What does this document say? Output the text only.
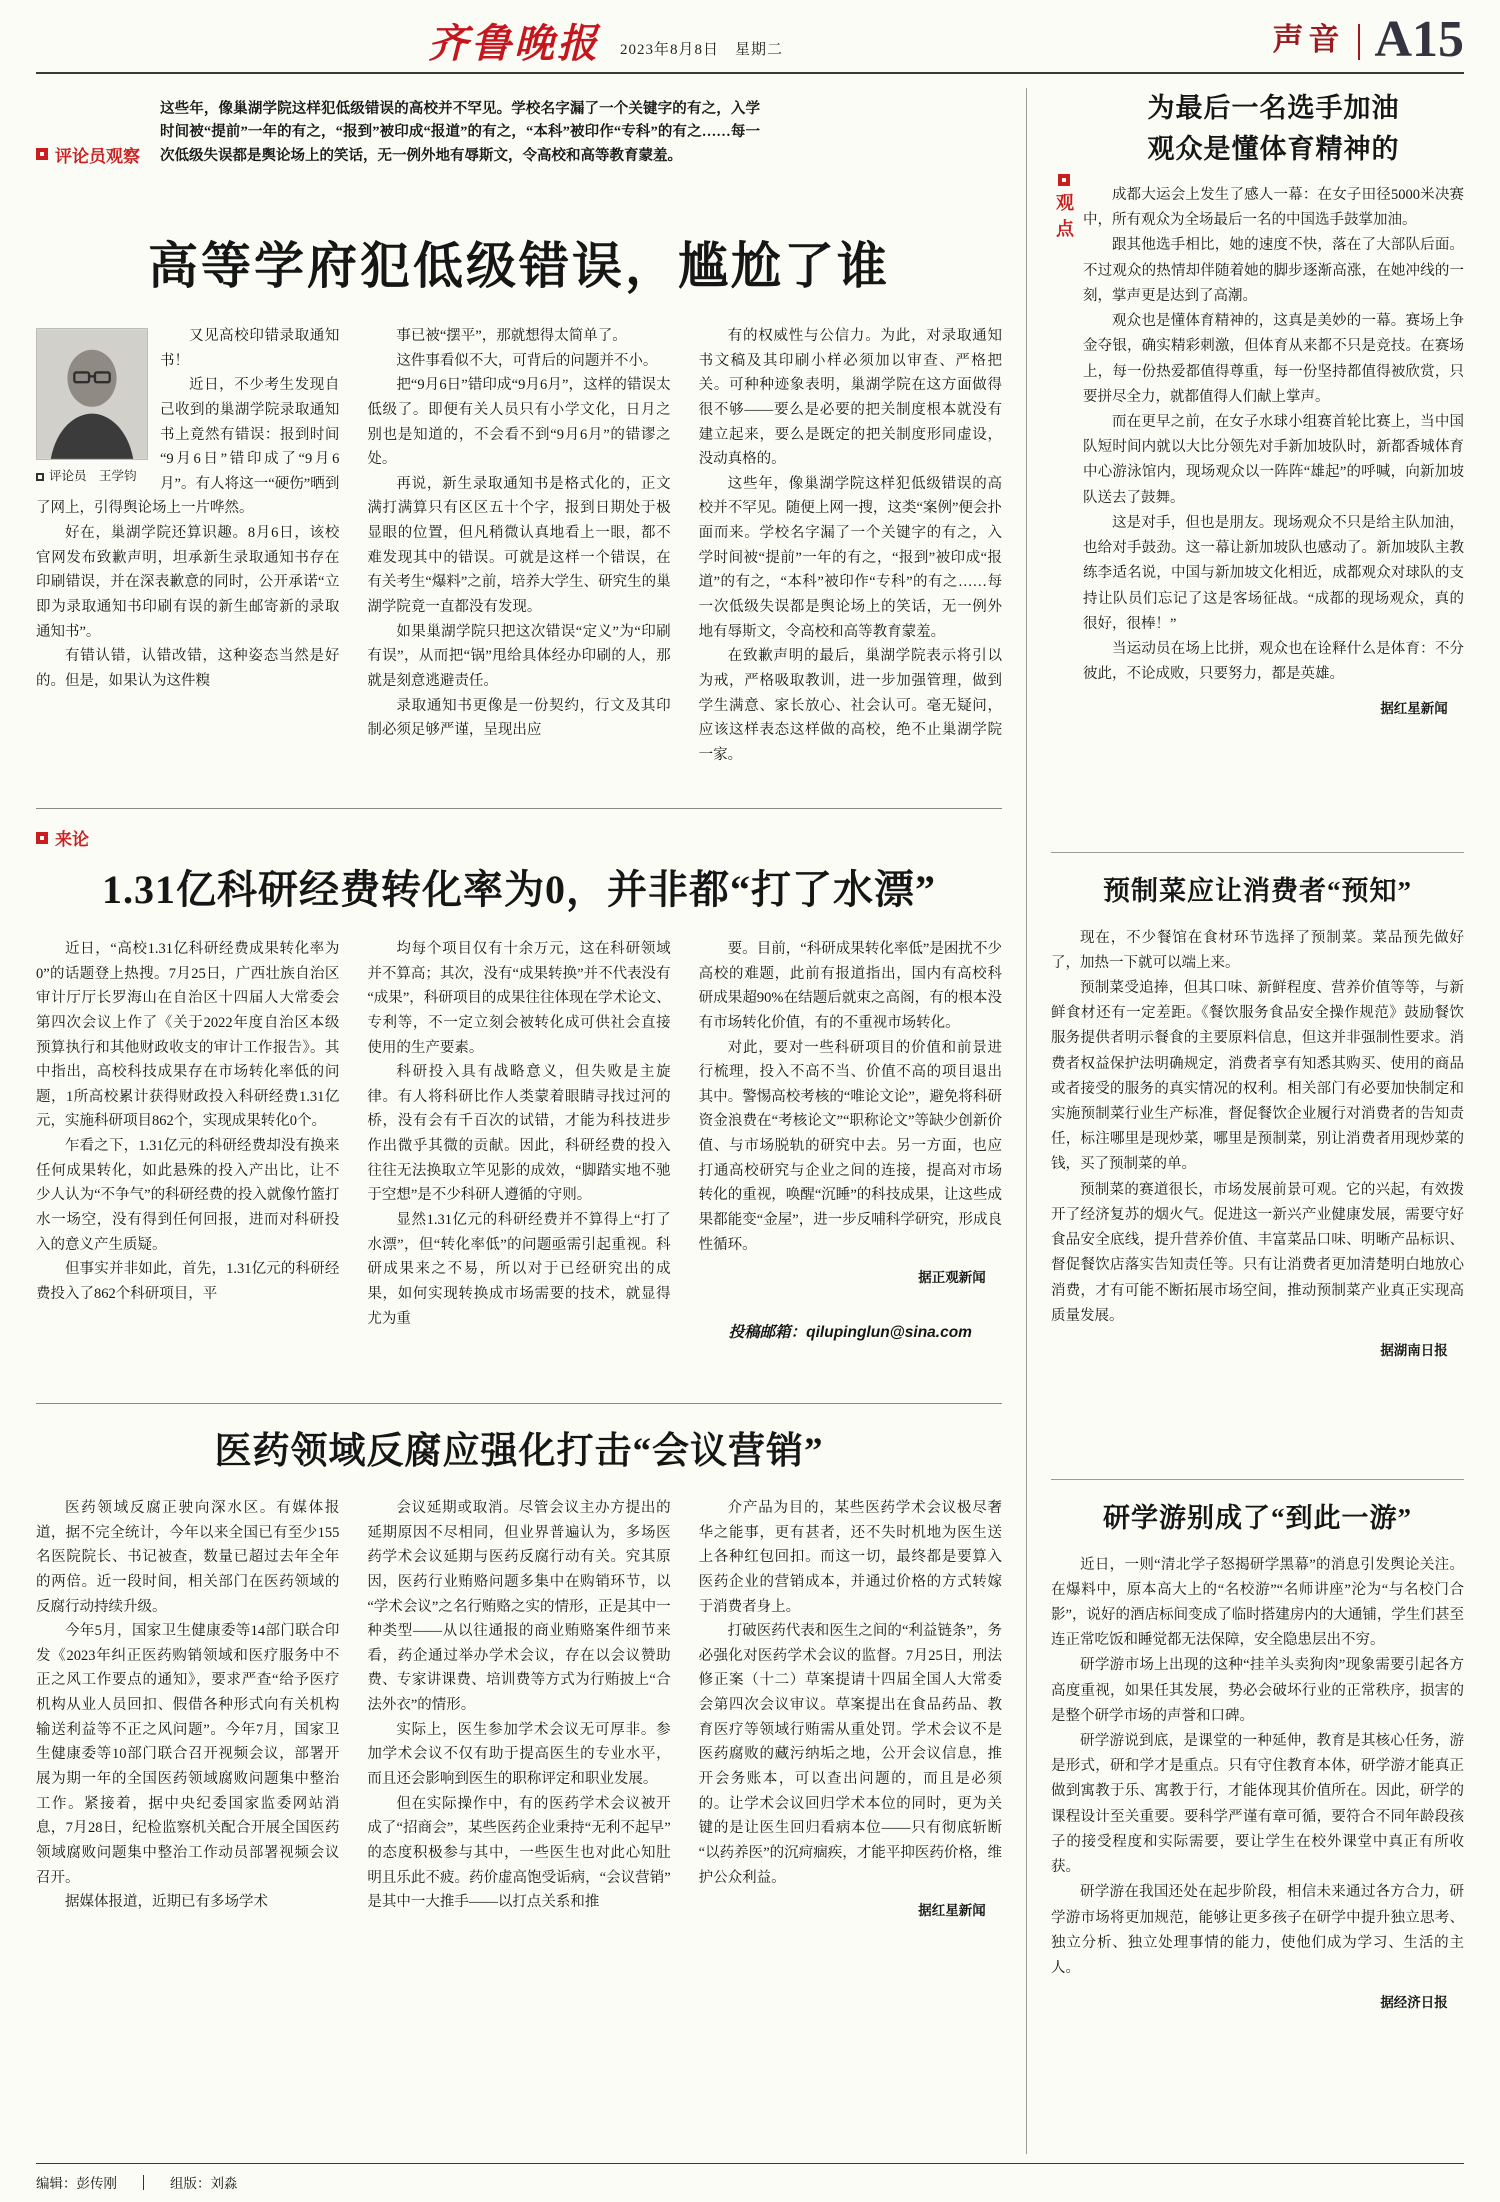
齐鲁晚报 2023年8月8日　星期二	声音 A15
评论员观察
这些年，像巢湖学院这样犯低级错误的高校并不罕见。学校名字漏了一个关键字的有之，入学时间被“提前”一年的有之，“报到”被印成“报道”的有之，“本科”被印作“专科”的有之……每一次低级失误都是舆论场上的笑话，无一例外地有辱斯文，令高校和高等教育蒙羞。
高等学府犯低级错误，尴尬了谁
评论员　王学钧

又见高校印错录取通知书！

近日，不少考生发现自己收到的巢湖学院录取通知书上竟然有错误：报到时间“9月6日”错印成了“9月6月”。有人将这一“硬伤”晒到了网上，引得舆论场上一片哗然。

好在，巢湖学院还算识趣。8月6日，该校官网发布致歉声明，坦承新生录取通知书存在印刷错误，并在深表歉意的同时，公开承诺“立即为录取通知书印刷有误的新生邮寄新的录取通知书”。

有错认错，认错改错，这种姿态当然是好的。但是，如果认为这件糗

事已被“摆平”，那就想得太简单了。

这件事看似不大，可背后的问题并不小。

把“9月6日”错印成“9月6月”，这样的错误太低级了。即便有关人员只有小学文化，日月之别也是知道的，不会看不到“9月6月”的错谬之处。

再说，新生录取通知书是格式化的，正文满打满算只有区区五十个字，报到日期处于极显眼的位置，但凡稍微认真地看上一眼，都不难发现其中的错误。可就是这样一个错误，在有关考生“爆料”之前，培养大学生、研究生的巢湖学院竟一直都没有发现。

如果巢湖学院只把这次错误“定义”为“印刷有误”，从而把“锅”甩给具体经办印刷的人，那就是刻意逃避责任。

录取通知书更像是一份契约，行文及其印制必须足够严谨，呈现出应

有的权威性与公信力。为此，对录取通知书文稿及其印刷小样必须加以审查、严格把关。可种种迹象表明，巢湖学院在这方面做得很不够——要么是必要的把关制度根本就没有建立起来，要么是既定的把关制度形同虚设，没动真格的。

这些年，像巢湖学院这样犯低级错误的高校并不罕见。随便上网一搜，这类“案例”便会扑面而来。学校名字漏了一个关键字的有之，入学时间被“提前”一年的有之，“报到”被印成“报道”的有之，“本科”被印作“专科”的有之……每一次低级失误都是舆论场上的笑话，无一例外地有辱斯文，令高校和高等教育蒙羞。

在致歉声明的最后，巢湖学院表示将引以为戒，严格吸取教训，进一步加强管理，做到学生满意、家长放心、社会认可。毫无疑问，应该这样表态这样做的高校，绝不止巢湖学院一家。

来论
1.31亿科研经费转化率为0，并非都“打了水漂”

近日，“高校1.31亿科研经费成果转化率为0”的话题登上热搜。7月25日，广西壮族自治区审计厅厅长罗海山在自治区十四届人大常委会第四次会议上作了《关于2022年度自治区本级预算执行和其他财政收支的审计工作报告》。其中指出，高校科技成果存在市场转化率低的问题，1所高校累计获得财政投入科研经费1.31亿元，实施科研项目862个，实现成果转化0个。

乍看之下，1.31亿元的科研经费却没有换来任何成果转化，如此悬殊的投入产出比，让不少人认为“不争气”的科研经费的投入就像竹篮打水一场空，没有得到任何回报，进而对科研投入的意义产生质疑。

但事实并非如此，首先，1.31亿元的科研经费投入了862个科研项目，平

均每个项目仅有十余万元，这在科研领域并不算高；其次，没有“成果转换”并不代表没有“成果”，科研项目的成果往往体现在学术论文、专利等，不一定立刻会被转化成可供社会直接使用的生产要素。

科研投入具有战略意义，但失败是主旋律。有人将科研比作人类蒙着眼睛寻找过河的桥，没有会有千百次的试错，才能为科技进步作出微乎其微的贡献。因此，科研经费的投入往往无法换取立竿见影的成效，“脚踏实地不驰于空想”是不少科研人遵循的守则。

显然1.31亿元的科研经费并不算得上“打了水漂”，但“转化率低”的问题亟需引起重视。科研成果来之不易，所以对于已经研究出的成果，如何实现转换成市场需要的技术，就显得尤为重

要。目前，“科研成果转化率低”是困扰不少高校的难题，此前有报道指出，国内有高校科研成果超90%在结题后就束之高阁，有的根本没有市场转化价值，有的不重视市场转化。

对此，要对一些科研项目的价值和前景进行梳理，投入不高不当、价值不高的项目退出其中。警惕高校考核的“唯论文论”，避免将科研资金浪费在“考核论文”“职称论文”等缺少创新价值、与市场脱轨的研究中去。另一方面，也应打通高校研究与企业之间的连接，提高对市场转化的重视，唤醒“沉睡”的科技成果，让这些成果都能变“金屋”，进一步反哺科学研究，形成良性循环。

据正观新闻
投稿邮箱：qilupinglun@sina.com
医药领域反腐应强化打击“会议营销”

医药领域反腐正驶向深水区。有媒体报道，据不完全统计，今年以来全国已有至少155名医院院长、书记被查，数量已超过去年全年的两倍。近一段时间，相关部门在医药领域的反腐行动持续升级。

今年5月，国家卫生健康委等14部门联合印发《2023年纠正医药购销领域和医疗服务中不正之风工作要点的通知》，要求严查“给予医疗机构从业人员回扣、假借各种形式向有关机构输送利益等不正之风问题”。今年7月，国家卫生健康委等10部门联合召开视频会议，部署开展为期一年的全国医药领域腐败问题集中整治工作。紧接着，据中央纪委国家监委网站消息，7月28日，纪检监察机关配合开展全国医药领域腐败问题集中整治工作动员部署视频会议召开。

据媒体报道，近期已有多场学术

会议延期或取消。尽管会议主办方提出的延期原因不尽相同，但业界普遍认为，多场医药学术会议延期与医药反腐行动有关。究其原因，医药行业贿赂问题多集中在购销环节，以“学术会议”之名行贿赂之实的情形，正是其中一种类型——从以往通报的商业贿赂案件细节来看，药企通过举办学术会议，存在以会议赞助费、专家讲课费、培训费等方式为行贿披上“合法外衣”的情形。

实际上，医生参加学术会议无可厚非。参加学术会议不仅有助于提高医生的专业水平，而且还会影响到医生的职称评定和职业发展。

但在实际操作中，有的医药学术会议被开成了“招商会”，某些医药企业秉持“无利不起早”的态度积极参与其中，一些医生也对此心知肚明且乐此不疲。药价虚高饱受诟病，“会议营销”是其中一大推手——以打点关系和推

介产品为目的，某些医药学术会议极尽奢华之能事，更有甚者，还不失时机地为医生送上各种红包回扣。而这一切，最终都是要算入医药企业的营销成本，并通过价格的方式转嫁于消费者身上。

打破医药代表和医生之间的“利益链条”，务必强化对医药学术会议的监督。7月25日，刑法修正案（十二）草案提请十四届全国人大常委会第四次会议审议。草案提出在食品药品、教育医疗等领域行贿需从重处罚。学术会议不是医药腐败的藏污纳垢之地，公开会议信息，推开会务账本，可以查出问题的，而且是必须的。让学术会议回归学术本位的同时，更为关键的是让医生回归看病本位——只有彻底斩断“以药养医”的沉疴痼疾，才能平抑医药价格，维护公众利益。

据红星新闻
观点
为最后一名选手加油
观众是懂体育精神的

成都大运会上发生了感人一幕：在女子田径5000米决赛中，所有观众为全场最后一名的中国选手鼓掌加油。

跟其他选手相比，她的速度不快，落在了大部队后面。不过观众的热情却伴随着她的脚步逐渐高涨，在她冲线的一刻，掌声更是达到了高潮。

观众也是懂体育精神的，这真是美妙的一幕。赛场上争金夺银，确实精彩刺激，但体育从来都不只是竞技。在赛场上，每一份热爱都值得尊重，每一份坚持都值得被欣赏，只要拼尽全力，就都值得人们献上掌声。

而在更早之前，在女子水球小组赛首轮比赛上，当中国队短时间内就以大比分领先对手新加坡队时，新都香城体育中心游泳馆内，现场观众以一阵阵“雄起”的呼喊，向新加坡队送去了鼓舞。

这是对手，但也是朋友。现场观众不只是给主队加油，也给对手鼓劲。这一幕让新加坡队也感动了。新加坡队主教练李适名说，中国与新加坡文化相近，成都观众对球队的支持让队员们忘记了这是客场征战。“成都的现场观众，真的很好，很棒！”

当运动员在场上比拼，观众也在诠释什么是体育：不分彼此，不论成败，只要努力，都是英雄。

据红星新闻
预制菜应让消费者“预知”

现在，不少餐馆在食材环节选择了预制菜。菜品预先做好了，加热一下就可以端上来。

预制菜受追捧，但其口味、新鲜程度、营养价值等等，与新鲜食材还有一定差距。《餐饮服务食品安全操作规范》鼓励餐饮服务提供者明示餐食的主要原料信息，但这并非强制性要求。消费者权益保护法明确规定，消费者享有知悉其购买、使用的商品或者接受的服务的真实情况的权利。相关部门有必要加快制定和实施预制菜行业生产标准，督促餐饮企业履行对消费者的告知责任，标注哪里是现炒菜，哪里是预制菜，别让消费者用现炒菜的钱，买了预制菜的单。

预制菜的赛道很长，市场发展前景可观。它的兴起，有效拨开了经济复苏的烟火气。促进这一新兴产业健康发展，需要守好食品安全底线，提升营养价值、丰富菜品口味、明晰产品标识、督促餐饮店落实告知责任等。只有让消费者更加清楚明白地放心消费，才有可能不断拓展市场空间，推动预制菜产业真正实现高质量发展。

据湖南日报
研学游别成了“到此一游”

近日，一则“清北学子怒揭研学黑幕”的消息引发舆论关注。在爆料中，原本高大上的“名校游”“名师讲座”沦为“与名校门合影”，说好的酒店标间变成了临时搭建房内的大通铺，学生们甚至连正常吃饭和睡觉都无法保障，安全隐患层出不穷。

研学游市场上出现的这种“挂羊头卖狗肉”现象需要引起各方高度重视，如果任其发展，势必会破坏行业的正常秩序，损害的是整个研学市场的声誉和口碑。

研学游说到底，是课堂的一种延伸，教育是其核心任务，游是形式，研和学才是重点。只有守住教育本体，研学游才能真正做到寓教于乐、寓教于行，才能体现其价值所在。因此，研学的课程设计至关重要。要科学严谨有章可循，要符合不同年龄段孩子的接受程度和实际需要，要让学生在校外课堂中真正有所收获。

研学游在我国还处在起步阶段，相信未来通过各方合力，研学游市场将更加规范，能够让更多孩子在研学中提升独立思考、独立分析、独立处理事情的能力，使他们成为学习、生活的主人。

据经济日报
编辑：彭传刚	组版：刘淼
